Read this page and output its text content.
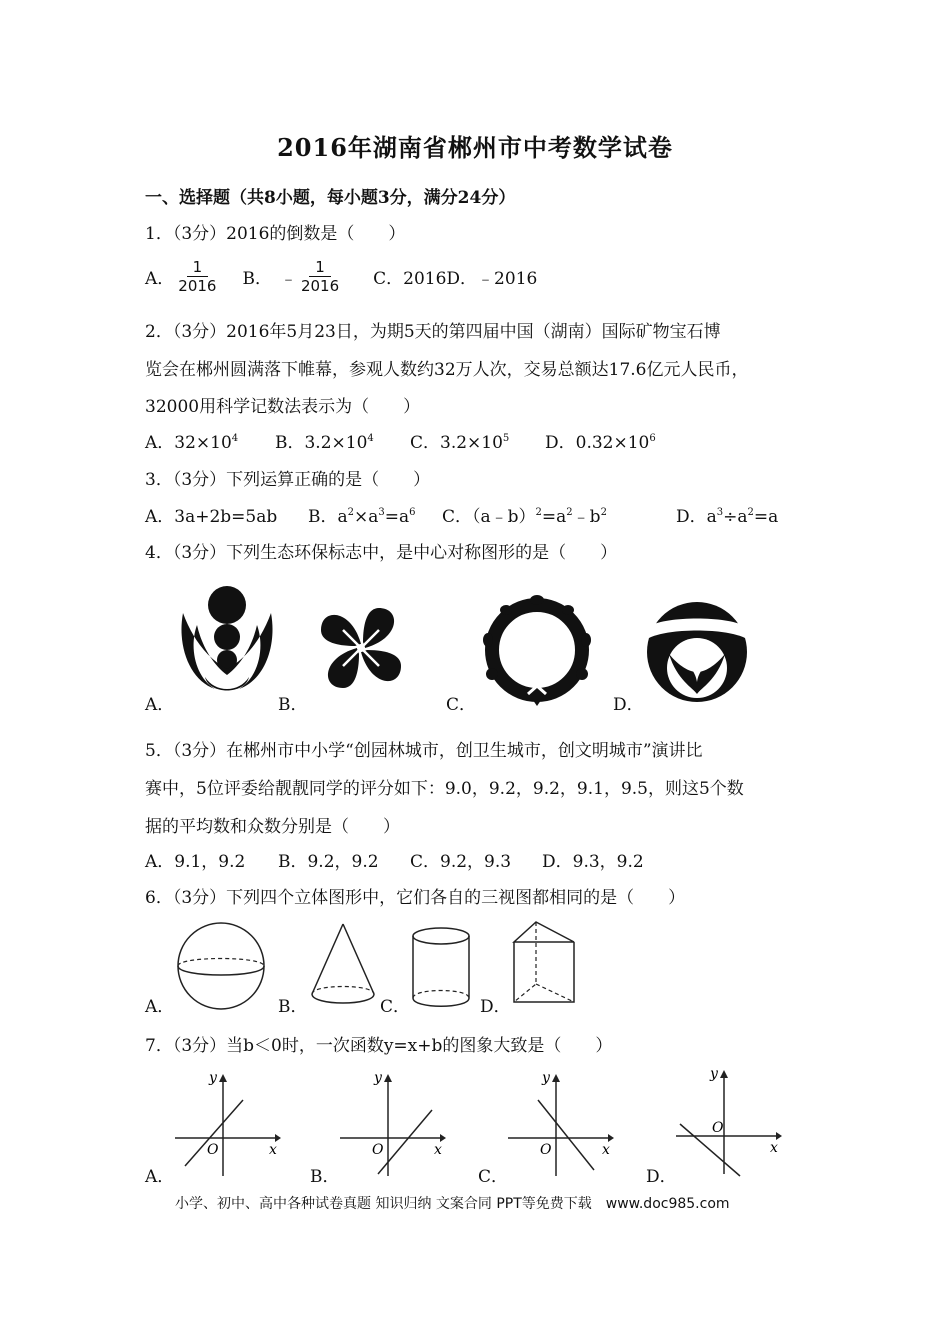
2016年湖南省郴州市中考数学试卷
一、选择题（共8小题，每小题3分，满分24分）
1．（3分）2016的倒数是（　　）
A． $\frac{1}{2016}$ B． ﹣ $\frac{1}{2016}$ C．2016D．﹣2016
2．（3分）2016年5月23日，为期5天的第四届中国（湖南）国际矿物宝石博
览会在郴州圆满落下帷幕，参观人数约32万人次，交易总额达17.6亿元人民币，
32000用科学记数法表示为（　　）
A．$32\times 10^4$ B．$3.2\times 10^4$ C．$3.2\times 10^5$ D．$0.32\times 10^6$
3．（3分）下列运算正确的是（　　）
A．3a+2b=5ab B．$a^2\times a^3=a^6$ C．$(a﹣b)^2=a^2﹣b^2$	D．$a^3\div a^2=a$
4．（3分）下列生态环保标志中，是中心对称图形的是（　　）
A．	B．	C．	D．
5．（3分）在郴州市中小学“创园林城市，创卫生城市，创文明城市”演讲比
赛中，5位评委给靓靓同学的评分如下：9.0，9.2，9.2，9.1，9.5，则这5个数
据的平均数和众数分别是（　　）
A．9.1，9.2 B．9.2，9.2 C．9.2，9.3 D．9.3，9.2
6．（3分）下列四个立体图形中，它们各自的三视图都相同的是（　　）
A．	B．	C．	D．
7．（3分）当b＜0时，一次函数y=x+b的图象大致是（　　）
y
x
O
y
x
O
y
x
O
y
x
O
A．	B．	C．	D．
小学、初中、高中各种试卷真题 知识归纳 文案合同 PPT等免费下载　www.doc985.com
